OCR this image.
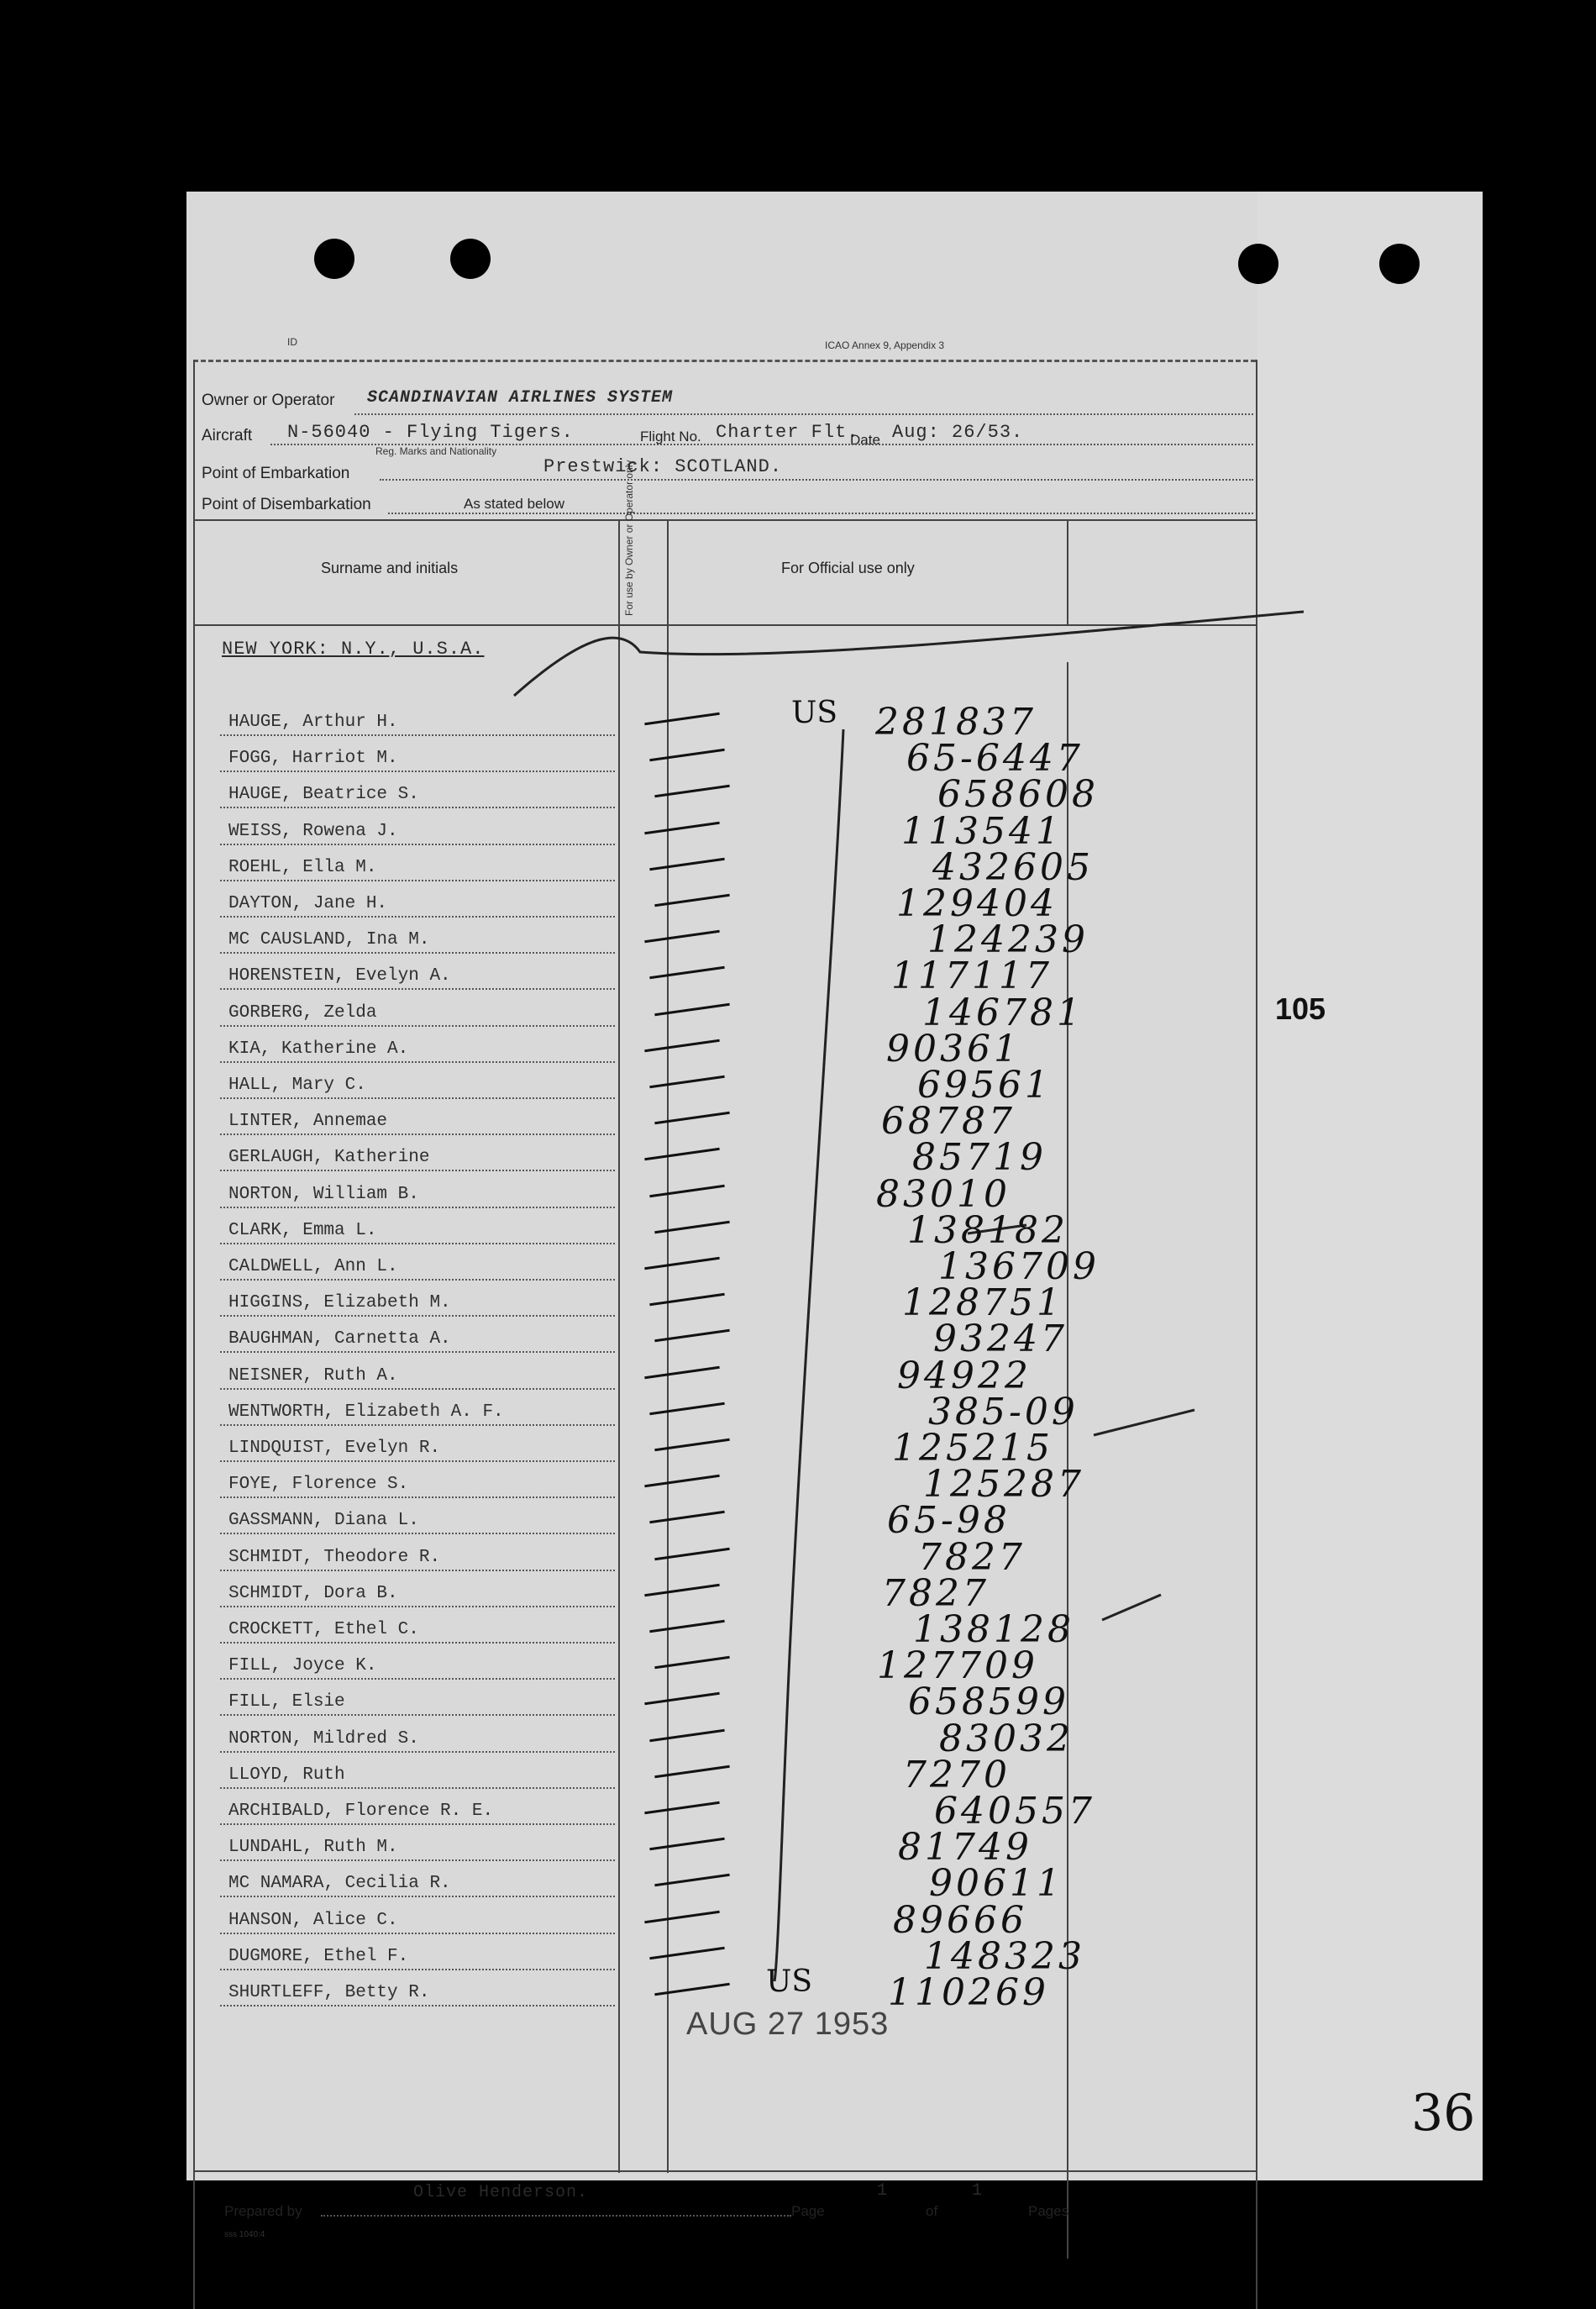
ID	ICAO Annex 9, Appendix 3
Owner or Operator SCANDINAVIAN AIRLINES SYSTEM
Aircraft N-56040 - Flying Tigers.
Reg. Marks and Nationality
Flight No. Charter Flt.
Date Aug: 26/53.
Point of Embarkation	Prestwick: SCOTLAND.
Point of Disembarkation	As stated below
Surname and initials	For use by Owner or Operator only	For Official use only
NEW YORK: N.Y., U.S.A.
US
US
HAUGE, Arthur H.	281837
FOGG, Harriot M.	65-6447
HAUGE, Beatrice S.	658608
WEISS, Rowena J.	113541
ROEHL, Ella M.	432605
DAYTON, Jane H.	129404
MC CAUSLAND, Ina M.	124239
HORENSTEIN, Evelyn A.	117117
GORBERG, Zelda	146781
KIA, Katherine A.	90361
HALL, Mary C.	69561
LINTER, Annemae	68787
GERLAUGH, Katherine	85719
NORTON, William B.	83010
CLARK, Emma L.	138182
CALDWELL, Ann L.	136709
HIGGINS, Elizabeth M.	128751
BAUGHMAN, Carnetta A.	93247
NEISNER, Ruth A.	94922
WENTWORTH, Elizabeth A. F.	385-09
LINDQUIST, Evelyn R.	125215
FOYE, Florence S.	125287
GASSMANN, Diana L.	65-98
SCHMIDT, Theodore R.	7827
SCHMIDT, Dora B.	7827
CROCKETT, Ethel C.	138128
FILL, Joyce K.	127709
FILL, Elsie	658599
NORTON, Mildred S.	83032
LLOYD, Ruth	7270
ARCHIBALD, Florence R. E.	640557
LUNDAHL, Ruth M.	81749
MC NAMARA, Cecilia R.	90611
HANSON, Alice C.	89666
DUGMORE, Ethel F.	148323
SHURTLEFF, Betty R.	110269
AUG 27 1953
Olive Henderson.
Prepared by	Page
1
of
1
Pages
sss 1040:4
105
36
